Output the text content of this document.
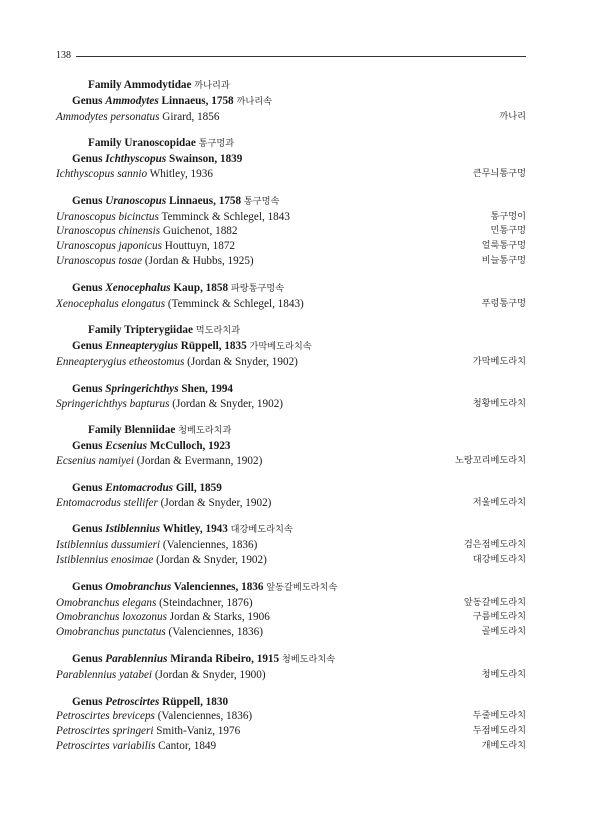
138
Family Ammodytidae 까나리과
Genus Ammodytes Linnaeus, 1758 까나리속
Ammodytes personatus Girard, 1856	까나리
Family Uranoscopidae 통구멍과
Genus Ichthyscopus Swainson, 1839
Ichthyscopus sannio Whitley, 1936	큰무늬통구멍
Genus Uranoscopus Linnaeus, 1758 통구멍속
Uranoscopus bicinctus Temminck & Schlegel, 1843	통구멍이
Uranoscopus chinensis Guichenot, 1882	민통구멍
Uranoscopus japonicus Houttuyn, 1872	얼룩통구멍
Uranoscopus tosae (Jordan & Hubbs, 1925)	비늘통구멍
Genus Xenocephalus Kaup, 1858 파랑통구멍속
Xenocephalus elongatus (Temminck & Schlegel, 1843)	푸렁통구멍
Family Tripterygiidae 먹도라치과
Genus Enneapterygius Rüppell, 1835 가막베도라치속
Enneapterygius etheostomus (Jordan & Snyder, 1902)	가막베도라치
Genus Springerichthys Shen, 1994
Springerichthys bapturus (Jordan & Snyder, 1902)	청황베도라치
Family Blenniidae 청베도라치과
Genus Ecsenius McCulloch, 1923
Ecsenius namiyei (Jordan & Evermann, 1902)	노랑꼬리베도라치
Genus Entomacrodus Gill, 1859
Entomacrodus stellifer (Jordan & Snyder, 1902)	저울베도라치
Genus Istiblennius Whitley, 1943 대강베도라치속
Istiblennius dussumieri (Valenciennes, 1836)	검은점베도라치
Istiblennius enosimae (Jordan & Snyder, 1902)	대강베도라치
Genus Omobranchus Valenciennes, 1836 앞동갈베도라치속
Omobranchus elegans (Steindachner, 1876)	앞동갈베도라치
Omobranchus loxozonus Jordan & Starks, 1906	구름베도라치
Omobranchus punctatus (Valenciennes, 1836)	골베도라치
Genus Parablennius Miranda Ribeiro, 1915 청베도라치속
Parablennius yatabei (Jordan & Snyder, 1900)	청베도라치
Genus Petroscirtes Rüppell, 1830
Petroscirtes breviceps (Valenciennes, 1836)	두줄베도라치
Petroscirtes springeri Smith-Vaniz, 1976	두점베도라치
Petroscirtes variabilis Cantor, 1849	개베도라치
